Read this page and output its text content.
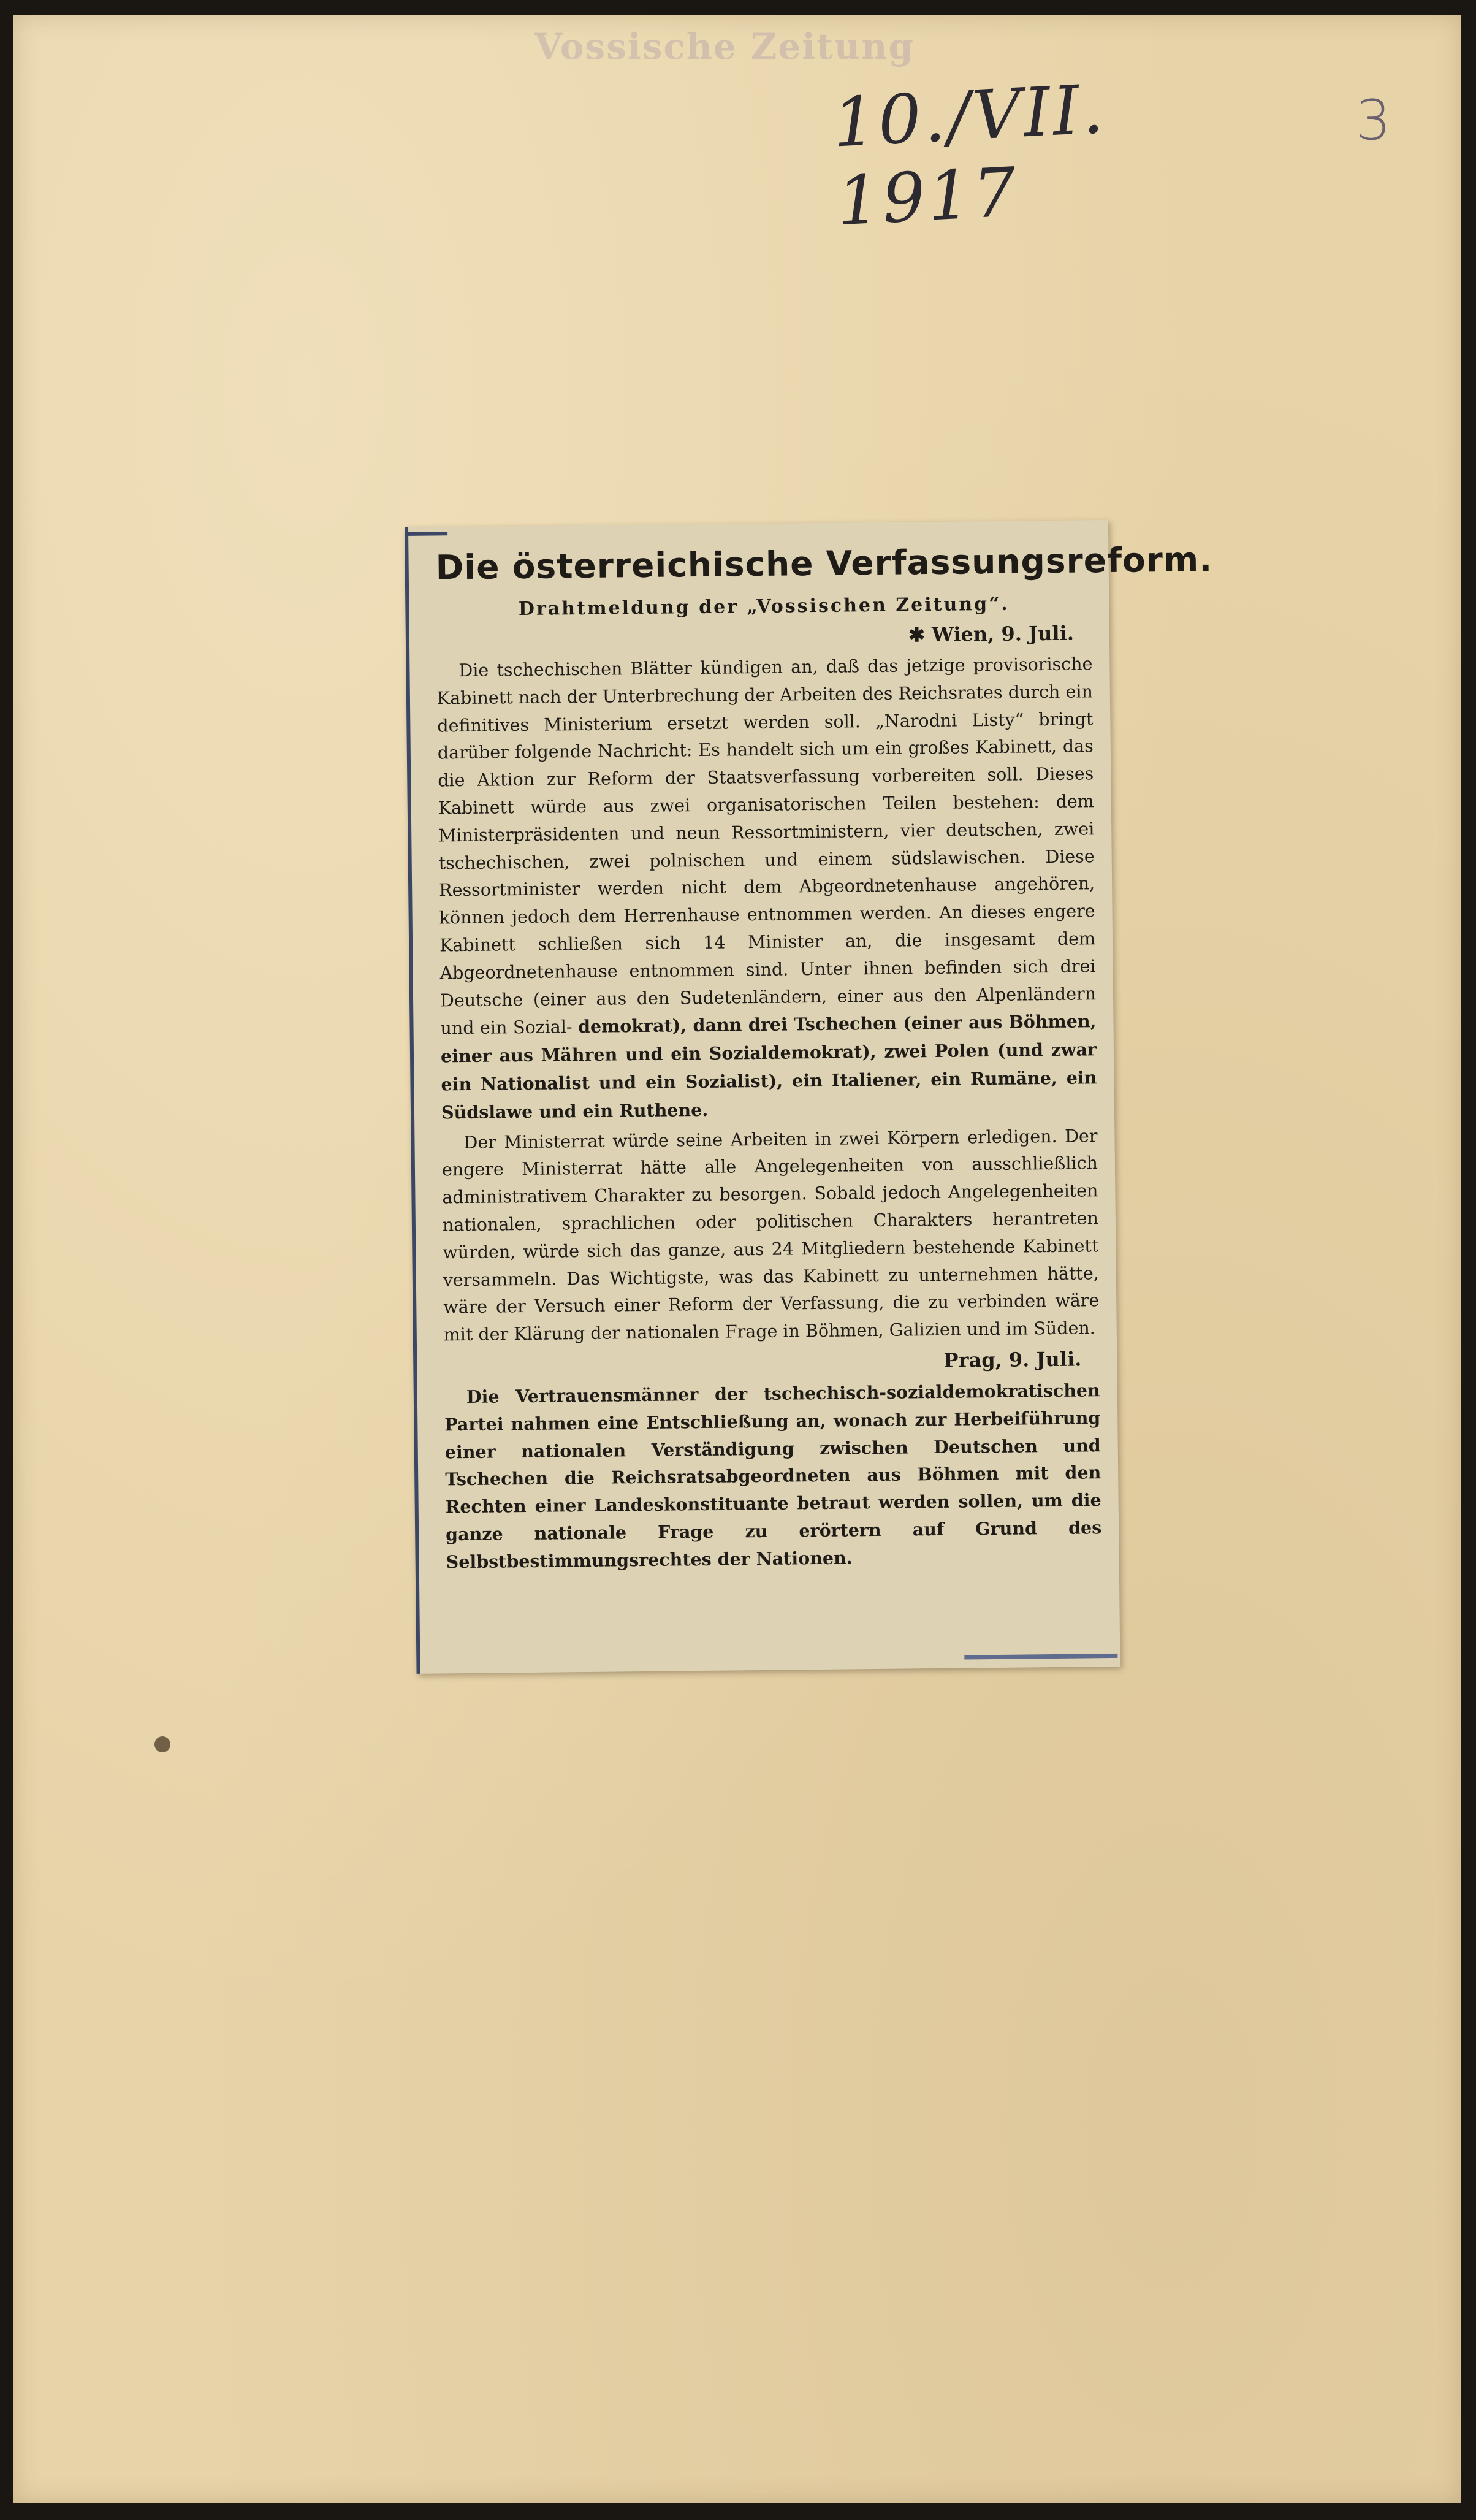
Vossische Zeitung
10./VII. 1917
3
Die österreichische Verfassungsreform.
Drahtmeldung der „Vossischen Zeitung“.
✱ Wien, 9. Juli.

Die tschechischen Blätter kündigen an, daß das jetzige provisorische Kabinett nach der Unterbrechung der Arbeiten des Reichsrates durch ein definitives Ministerium ersetzt werden soll. „Narodni Listy“ bringt darüber folgende Nachricht: Es handelt sich um ein großes Kabinett, das die Aktion zur Reform der Staatsverfassung vorbereiten soll. Dieses Kabinett würde aus zwei organisatorischen Teilen bestehen: dem Ministerpräsidenten und neun Ressortministern, vier deutschen, zwei tschechischen, zwei polnischen und einem südslawischen. Diese Ressortminister werden nicht dem Abgeordnetenhause angehören, können jedoch dem Herrenhause entnommen werden. An dieses engere Kabinett schließen sich 14 Minister an, die insgesamt dem Abgeordnetenhause entnommen sind. Unter ihnen befinden sich drei Deutsche (einer aus den Sudetenländern, einer aus den Alpenländern und ein Sozial- demokrat), dann drei Tschechen (einer aus Böhmen, einer aus Mähren und ein Sozialdemokrat), zwei Polen (und zwar ein Nationalist und ein Sozialist), ein Italiener, ein Rumäne, ein Südslawe und ein Ruthene.

Der Ministerrat würde seine Arbeiten in zwei Körpern erledigen. Der engere Ministerrat hätte alle Angelegenheiten von ausschließlich administrativem Charakter zu besorgen. Sobald jedoch Angelegenheiten nationalen, sprachlichen oder politischen Charakters herantreten würden, würde sich das ganze, aus 24 Mitgliedern bestehende Kabinett versammeln. Das Wichtigste, was das Kabinett zu unternehmen hätte, wäre der Versuch einer Reform der Verfassung, die zu verbinden wäre mit der Klärung der nationalen Frage in Böhmen, Galizien und im Süden.

Prag, 9. Juli.

Die Vertrauensmänner der tschechisch-sozialdemokratischen Partei nahmen eine Entschließung an, wonach zur Herbeiführung einer nationalen Verständigung zwischen Deutschen und Tschechen die Reichsratsabgeordneten aus Böhmen mit den Rechten einer Landeskonstituante betraut werden sollen, um die ganze nationale Frage zu erörtern auf Grund des Selbstbestimmungsrechtes der Nationen.
